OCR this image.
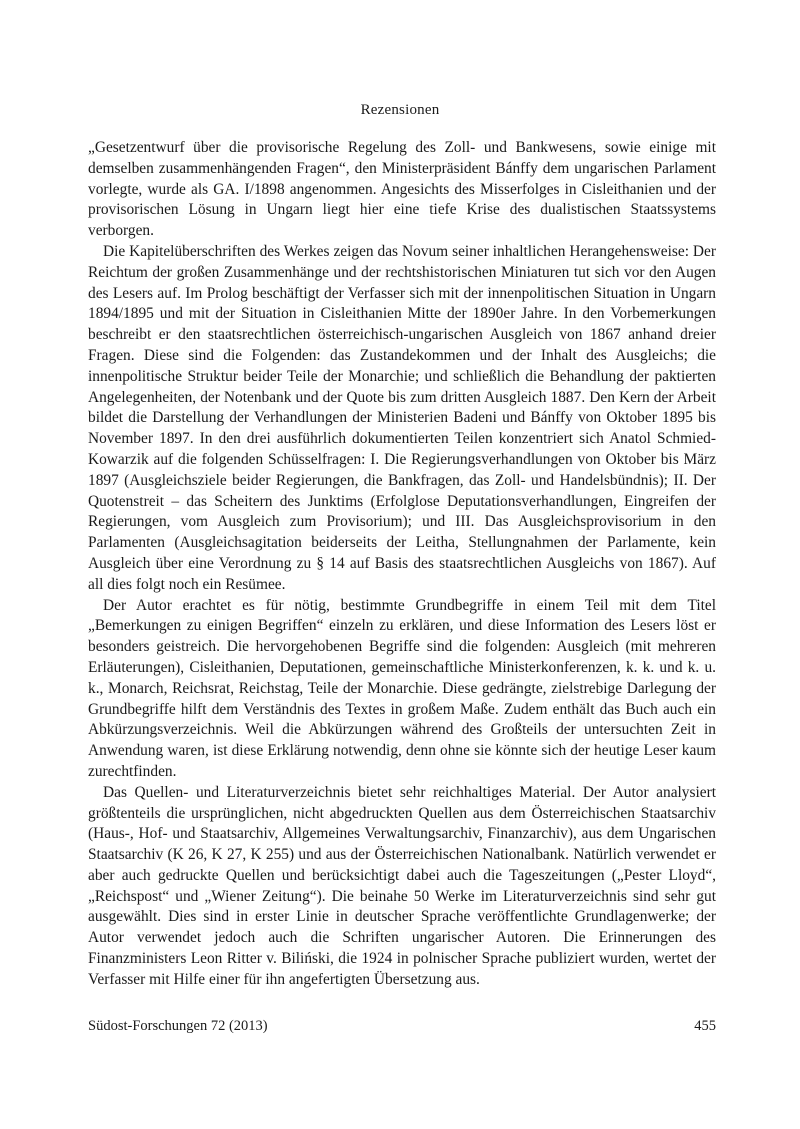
Rezensionen

„Gesetzentwurf über die provisorische Regelung des Zoll- und Bankwesens, sowie einige mit demselben zusammenhängenden Fragen“, den Ministerpräsident Bánffy dem ungarischen Parlament vorlegte, wurde als GA. I/1898 angenommen. Angesichts des Misserfolges in Cisleithanien und der provisorischen Lösung in Ungarn liegt hier eine tiefe Krise des dualistischen Staatssystems verborgen.

Die Kapitelüberschriften des Werkes zeigen das Novum seiner inhaltlichen Herangehensweise: Der Reichtum der großen Zusammenhänge und der rechtshistorischen Miniaturen tut sich vor den Augen des Lesers auf. Im Prolog beschäftigt der Verfasser sich mit der innenpolitischen Situation in Ungarn 1894/1895 und mit der Situation in Cisleithanien Mitte der 1890er Jahre. In den Vorbemerkungen beschreibt er den staatsrechtlichen österreichisch-ungarischen Ausgleich von 1867 anhand dreier Fragen. Diese sind die Folgenden: das Zustandekommen und der Inhalt des Ausgleichs; die innenpolitische Struktur beider Teile der Monarchie; und schließlich die Behandlung der paktierten Angelegenheiten, der Notenbank und der Quote bis zum dritten Ausgleich 1887. Den Kern der Arbeit bildet die Darstellung der Verhandlungen der Ministerien Badeni und Bánffy von Oktober 1895 bis November 1897. In den drei ausführlich dokumentierten Teilen konzentriert sich Anatol Schmied-Kowarzik auf die folgenden Schüsselfragen: I. Die Regierungsverhandlungen von Oktober bis März 1897 (Ausgleichsziele beider Regierungen, die Bankfragen, das Zoll- und Handelsbündnis); II. Der Quotenstreit – das Scheitern des Junktims (Erfolglose Deputationsverhandlungen, Eingreifen der Regierungen, vom Ausgleich zum Provisorium); und III. Das Ausgleichsprovisorium in den Parlamenten (Ausgleichsagitation beiderseits der Leitha, Stellungnahmen der Parlamente, kein Ausgleich über eine Verordnung zu § 14 auf Basis des staatsrechtlichen Ausgleichs von 1867). Auf all dies folgt noch ein Resümee.

Der Autor erachtet es für nötig, bestimmte Grundbegriffe in einem Teil mit dem Titel „Bemerkungen zu einigen Begriffen“ einzeln zu erklären, und diese Information des Lesers löst er besonders geistreich. Die hervorgehobenen Begriffe sind die folgenden: Ausgleich (mit mehreren Erläuterungen), Cisleithanien, Deputationen, gemeinschaftliche Ministerkonferenzen, k. k. und k. u. k., Monarch, Reichsrat, Reichstag, Teile der Monarchie. Diese gedrängte, zielstrebige Darlegung der Grundbegriffe hilft dem Verständnis des Textes in großem Maße. Zudem enthält das Buch auch ein Abkürzungsverzeichnis. Weil die Abkürzungen während des Großteils der untersuchten Zeit in Anwendung waren, ist diese Erklärung notwendig, denn ohne sie könnte sich der heutige Leser kaum zurechtfinden.

Das Quellen- und Literaturverzeichnis bietet sehr reichhaltiges Material. Der Autor analysiert größtenteils die ursprünglichen, nicht abgedruckten Quellen aus dem Österreichischen Staatsarchiv (Haus-, Hof- und Staatsarchiv, Allgemeines Verwaltungsarchiv, Finanzarchiv), aus dem Ungarischen Staatsarchiv (K 26, K 27, K 255) und aus der Österreichischen Nationalbank. Natürlich verwendet er aber auch gedruckte Quellen und berücksichtigt dabei auch die Tageszeitungen („Pester Lloyd“, „Reichspost“ und „Wiener Zeitung“). Die beinahe 50 Werke im Literaturverzeichnis sind sehr gut ausgewählt. Dies sind in erster Linie in deutscher Sprache veröffentlichte Grundlagenwerke; der Autor verwendet jedoch auch die Schriften ungarischer Autoren. Die Erinnerungen des Finanzministers Leon Ritter v. Biliński, die 1924 in polnischer Sprache publiziert wurden, wertet der Verfasser mit Hilfe einer für ihn angefertigten Übersetzung aus.

Südost-Forschungen 72 (2013)	455
